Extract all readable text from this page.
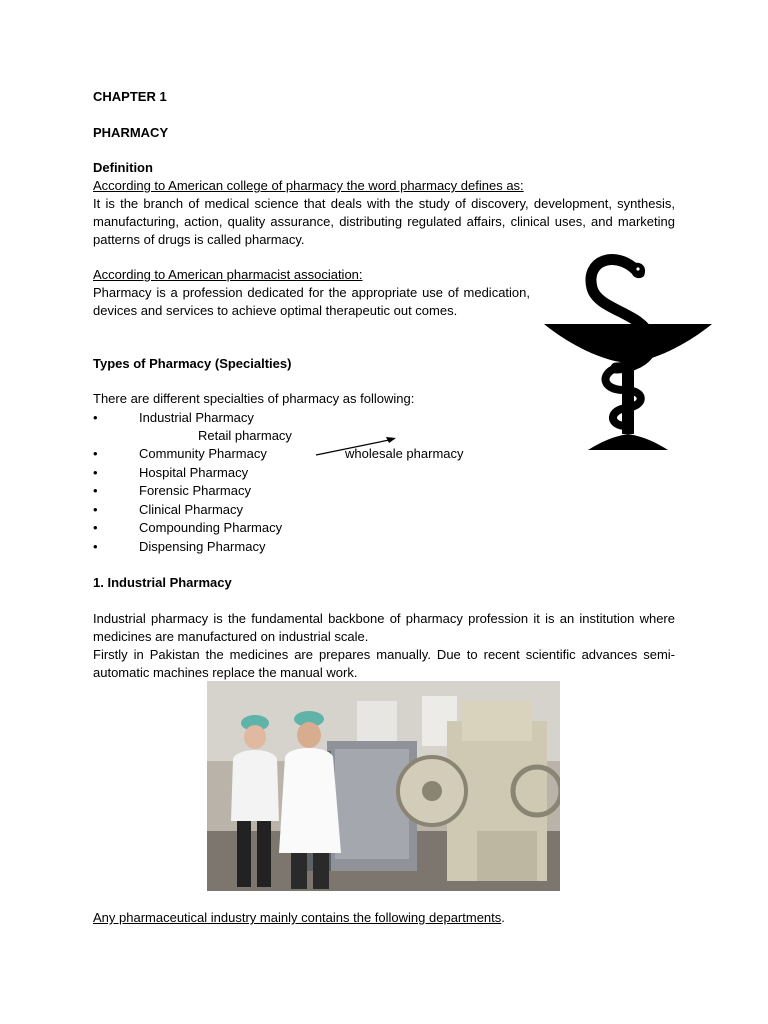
CHAPTER 1

PHARMACY

Definition

According to American college of pharmacy the word pharmacy defines as:

It is the branch of medical science that deals with the study of discovery, development, synthesis, manufacturing, action, quality assurance, distributing regulated affairs, clinical uses, and marketing patterns of drugs is called pharmacy.

According to American pharmacist association:

Pharmacy is a profession dedicated for the appropriate use of medication, devices and services to achieve optimal therapeutic out comes.

Types of Pharmacy (Specialties)

There are different specialties of pharmacy as following:

•	Industrial Pharmacy
Retail pharmacy
•	Community Pharmacy	wholesale pharmacy
•	Hospital Pharmacy
•	Forensic Pharmacy
•	Clinical Pharmacy
•	Compounding Pharmacy
•	Dispensing Pharmacy

1. Industrial Pharmacy

Industrial pharmacy is the fundamental backbone of pharmacy profession it is an institution where medicines are manufactured on industrial scale.

Firstly in Pakistan the medicines are prepares manually. Due to recent scientific advances semi-automatic machines replace the manual work.

Any pharmaceutical industry mainly contains the following departments.
